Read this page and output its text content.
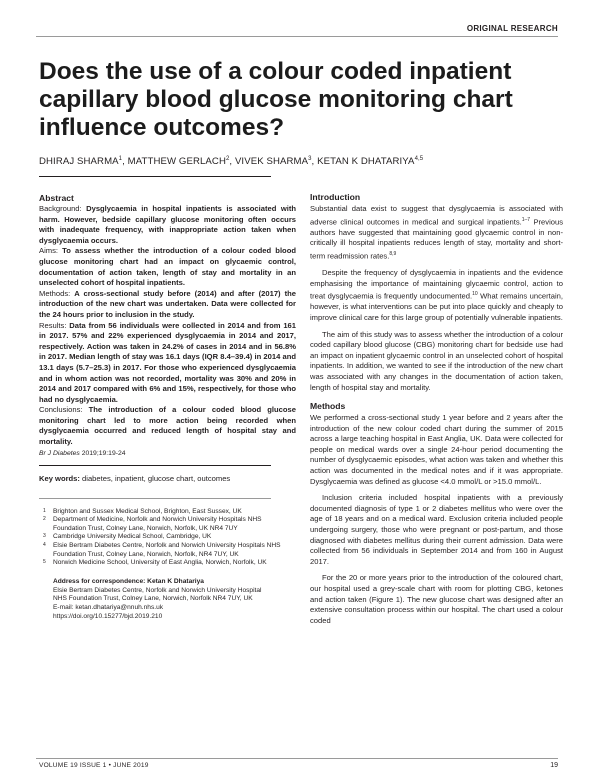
ORIGINAL RESEARCH
Does the use of a colour coded inpatient capillary blood glucose monitoring chart influence outcomes?
DHIRAJ SHARMA$^1$, MATTHEW GERLACH$^2$, VIVEK SHARMA$^3$, KETAN K DHATARIYA$^{4,5}$
Abstract

Background: Dysglycaemia in hospital inpatients is associated with harm. However, bedside capillary glucose monitoring often occurs with inadequate frequency, with inappropriate action taken when dysglycaemia occurs.

Aims: To assess whether the introduction of a colour coded blood glucose monitoring chart had an impact on glycaemic control, documentation of action taken, length of stay and mortality in an unselected cohort of hospital inpatients.

Methods: A cross-sectional study before (2014) and after (2017) the introduction of the new chart was undertaken. Data were collected for the 24 hours prior to inclusion in the study.

Results: Data from 56 individuals were collected in 2014 and from 161 in 2017. 57% and 22% experienced dysglycaemia in 2014 and 2017, respectively. Action was taken in 24.2% of cases in 2014 and in 56.8% in 2017. Median length of stay was 16.1 days (IQR 8.4–39.4) in 2014 and 13.1 days (5.7–25.3) in 2017. For those who experienced dysglycaemia and in whom action was not recorded, mortality was 30% and 20% in 2014 and 2017 compared with 6% and 15%, respectively, for those who had no dysglycaemia.

Conclusions: The introduction of a colour coded blood glucose monitoring chart led to more action being recorded when dysglycaemia occurred and reduced length of hospital stay and mortality.

Br J Diabetes 2019;19:19-24

Key words: diabetes, inpatient, glucose chart, outcomes

1 Brighton and Sussex Medical School, Brighton, East Sussex, UK

2 Department of Medicine, Norfolk and Norwich University Hospitals NHS Foundation Trust, Colney Lane, Norwich, Norfolk, UK NR4 7UY

3 Cambridge University Medical School, Cambridge, UK

4 Elsie Bertram Diabetes Centre, Norfolk and Norwich University Hospitals NHS Foundation Trust, Colney Lane, Norwich, Norfolk, NR4 7UY, UK

5 Norwich Medicine School, University of East Anglia, Norwich, Norfolk, UK

Address for correspondence: Ketan K Dhatariya
Elsie Bertram Diabetes Centre, Norfolk and Norwich University Hospital
NHS Foundation Trust, Colney Lane, Norwich, Norfolk NR4 7UY, UK
E-mail: ketan.dhatariya@nnuh.nhs.uk
https://doi.org/10.15277/bjd.2019.210
Introduction

Substantial data exist to suggest that dysglycaemia is associated with adverse clinical outcomes in medical and surgical inpatients.$^{1-7}$ Previous authors have suggested that maintaining good glycaemic control in non-critically ill hospital inpatients reduces length of stay, mortality and short-term readmission rates.$^{8,9}$

Despite the frequency of dysglycaemia in inpatients and the evidence emphasising the importance of maintaining glycaemic control, action to treat dysglycaemia is frequently undocumented.$^{10}$ What remains uncertain, however, is what interventions can be put into place quickly and cheaply to improve clinical care for this large group of potentially vulnerable inpatients.

The aim of this study was to assess whether the introduction of a colour coded capillary blood glucose (CBG) monitoring chart for bedside use had an impact on inpatient glycaemic control in an unselected cohort of hospital inpatients. In addition, we wanted to see if the introduction of the new chart was associated with any changes in the documentation of action taken, length of hospital stay and mortality.

Methods

We performed a cross-sectional study 1 year before and 2 years after the introduction of the new colour coded chart during the summer of 2015 across a large teaching hospital in East Anglia, UK. Data were collected for people on medical wards over a single 24-hour period documenting the number of dysglycaemic episodes, what action was taken and whether this action was documented in the medical notes and if it was appropriate. Dysglycaemia was defined as glucose <4.0 mmol/L or >15.0 mmol/L.

Inclusion criteria included hospital inpatients with a previously documented diagnosis of type 1 or 2 diabetes mellitus who were over the age of 18 years and on a medical ward. Exclusion criteria included people undergoing surgery, those who were pregnant or post-partum, and those diagnosed with diabetes mellitus during their current admission. Data were collected from 56 individuals in September 2014 and from 160 in August 2017.

For the 20 or more years prior to the introduction of the coloured chart, our hospital used a grey-scale chart with room for plotting CBG, ketones and action taken (Figure 1). The new glucose chart was designed after an extensive consultation process within our hospital. The chart used a colour coded

VOLUME 19 ISSUE 1 • JUNE 2019	19
